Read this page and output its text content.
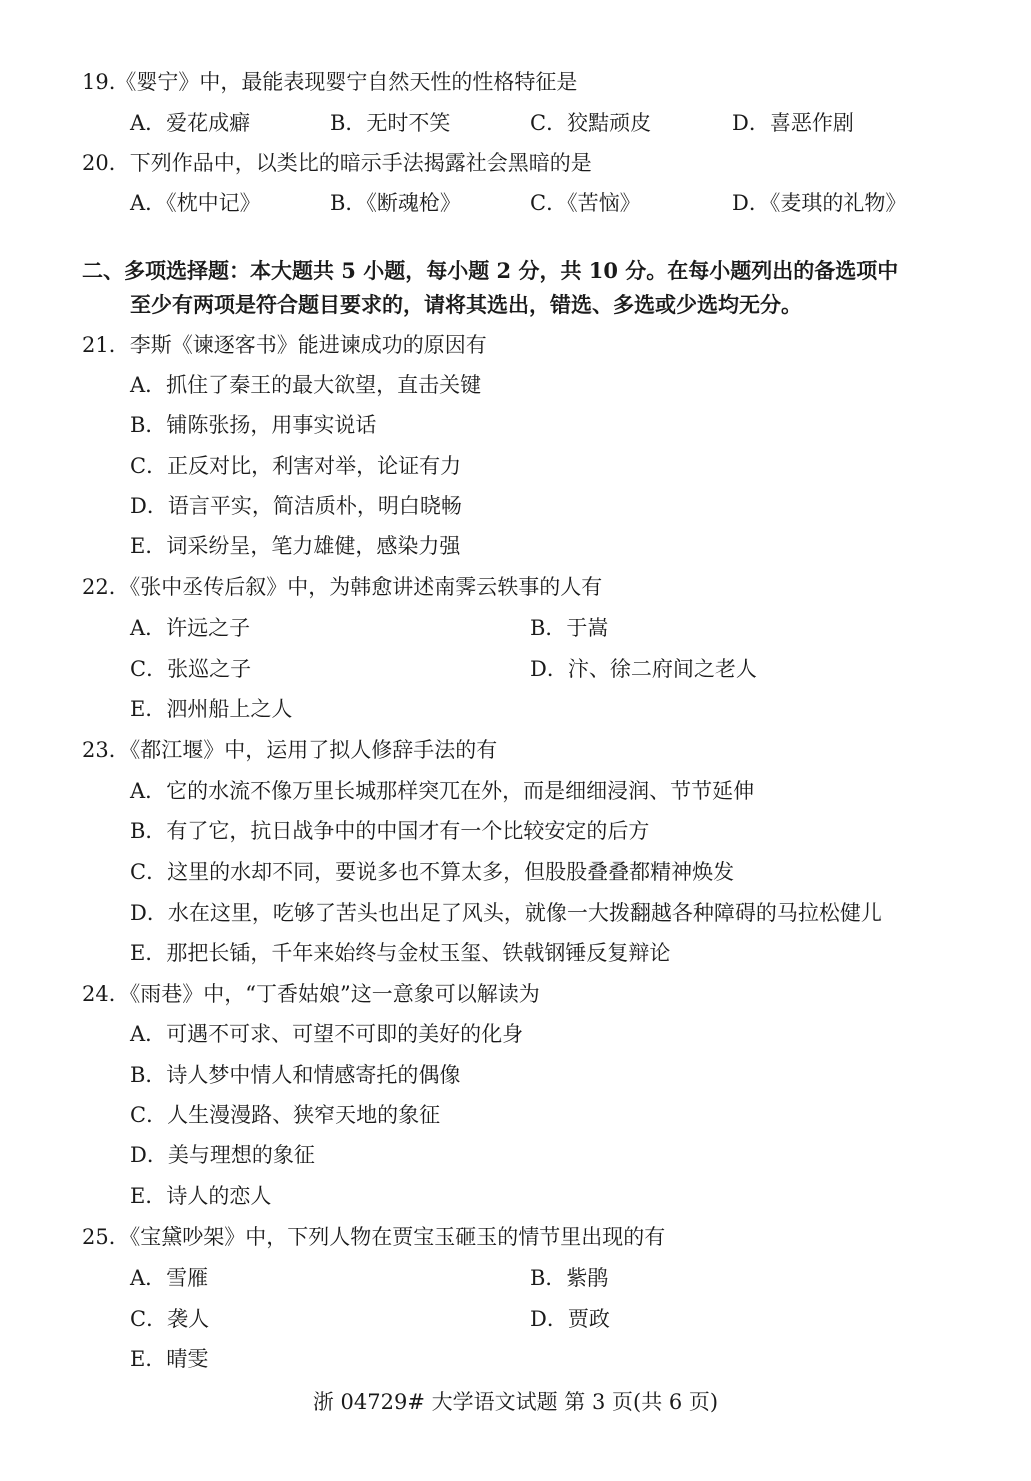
19.《婴宁》中，最能表现婴宁自然天性的性格特征是
A．爱花成癖	B．无时不笑	C．狡黠顽皮	D．喜恶作剧
20．下列作品中，以类比的暗示手法揭露社会黑暗的是
A．《枕中记》	B．《断魂枪》	C．《苦恼》	D．《麦琪的礼物》
二、多项选择题：本大题共 5 小题，每小题 2 分，共 10 分。在每小题列出的备选项中
至少有两项是符合题目要求的，请将其选出，错选、多选或少选均无分。
21．李斯《谏逐客书》能进谏成功的原因有
A．抓住了秦王的最大欲望，直击关键
B．铺陈张扬，用事实说话
C．正反对比，利害对举，论证有力
D．语言平实，简洁质朴，明白晓畅
E．词采纷呈，笔力雄健，感染力强
22．《张中丞传后叙》中，为韩愈讲述南霁云轶事的人有
A．许远之子	B．于嵩
C．张巡之子	D．汴、徐二府间之老人
E．泗州船上之人
23．《都江堰》中，运用了拟人修辞手法的有
A．它的水流不像万里长城那样突兀在外，而是细细浸润、节节延伸
B．有了它，抗日战争中的中国才有一个比较安定的后方
C．这里的水却不同，要说多也不算太多，但股股叠叠都精神焕发
D．水在这里，吃够了苦头也出足了风头，就像一大拨翻越各种障碍的马拉松健儿
E．那把长锸，千年来始终与金杖玉玺、铁戟钢锤反复辩论
24．《雨巷》中，“丁香姑娘”这一意象可以解读为
A．可遇不可求、可望不可即的美好的化身
B．诗人梦中情人和情感寄托的偶像
C．人生漫漫路、狭窄天地的象征
D．美与理想的象征
E．诗人的恋人
25．《宝黛吵架》中，下列人物在贾宝玉砸玉的情节里出现的有
A．雪雁	B．紫鹃
C．袭人	D．贾政
E．晴雯
浙 04729# 大学语文试题 第 3 页(共 6 页)
